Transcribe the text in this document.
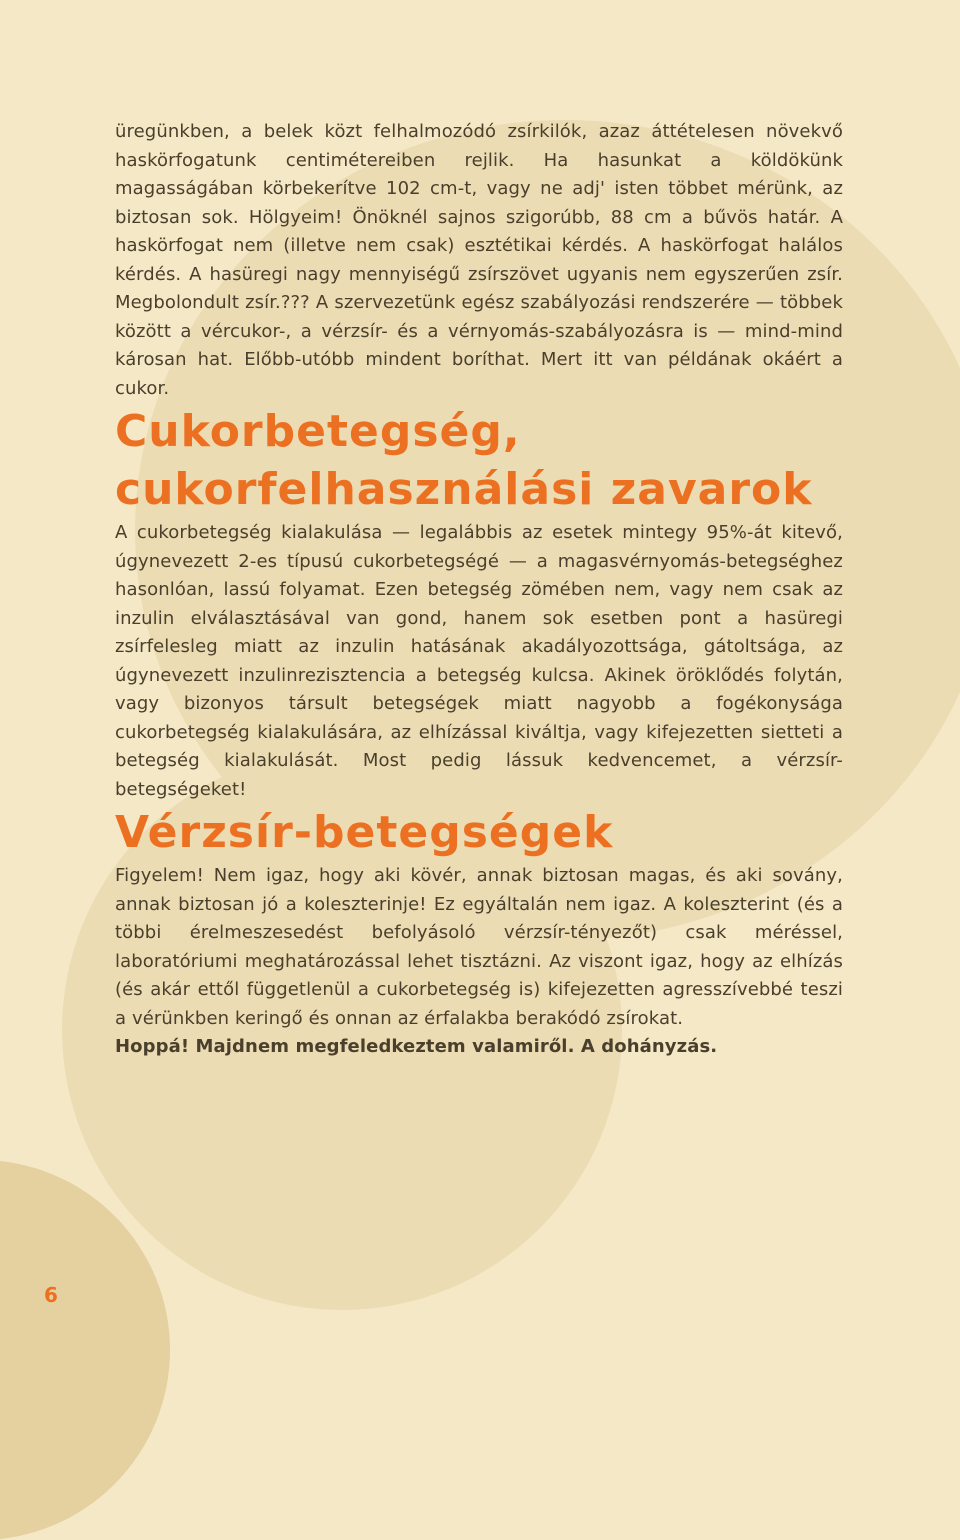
üregünkben, a belek közt felhalmozódó zsírkilók, azaz áttételesen növekvő haskörfogatunk centimétereiben rejlik. Ha hasunkat a köldökünk magasságában körbekerítve 102 cm-t, vagy ne adj' isten többet mérünk, az biztosan sok. Hölgyeim! Önöknél sajnos szigorúbb, 88 cm a bűvös határ. A haskörfogat nem (illetve nem csak) esztétikai kérdés. A haskörfogat halálos kérdés. A hasüregi nagy mennyiségű zsírszövet ugyanis nem egyszerűen zsír. Megbolondult zsír.??? A szervezetünk egész szabályozási rendszerére — többek között a vércukor-, a vérzsír- és a vérnyomás-szabályozásra is — mind-mind károsan hat. Előbb-utóbb mindent boríthat. Mert itt van példának okáért a cukor.

Cukorbetegség, cukorfelhasználási zavarok

A cukorbetegség kialakulása — legalábbis az esetek mintegy 95%-át kitevő, úgynevezett 2-es típusú cukorbetegségé — a magasvérnyomás-betegséghez hasonlóan, lassú folyamat. Ezen betegség zömében nem, vagy nem csak az inzulin elválasztásával van gond, hanem sok esetben pont a hasüregi zsírfelesleg miatt az inzulin hatásának akadályozottsága, gátoltsága, az úgynevezett inzulinrezisztencia a betegség kulcsa. Akinek öröklődés folytán, vagy bizonyos társult betegségek miatt nagyobb a fogékonysága cukorbetegség kialakulására, az elhízással kiváltja, vagy kifejezetten sietteti a betegség kialakulását. Most pedig lássuk kedvencemet, a vérzsír-betegségeket!

Vérzsír-betegségek

Figyelem! Nem igaz, hogy aki kövér, annak biztosan magas, és aki sovány, annak biztosan jó a koleszterinje! Ez egyáltalán nem igaz. A koleszterint (és a többi érelmeszesedést befolyásoló vérzsír-tényezőt) csak méréssel, laboratóriumi meghatározással lehet tisztázni. Az viszont igaz, hogy az elhízás (és akár ettől függetlenül a cukorbetegség is) kifejezetten agresszívebbé teszi a vérünkben keringő és onnan az érfalakba berakódó zsírokat.

Hoppá! Majdnem megfeledkeztem valamiről. A dohányzás.

6
